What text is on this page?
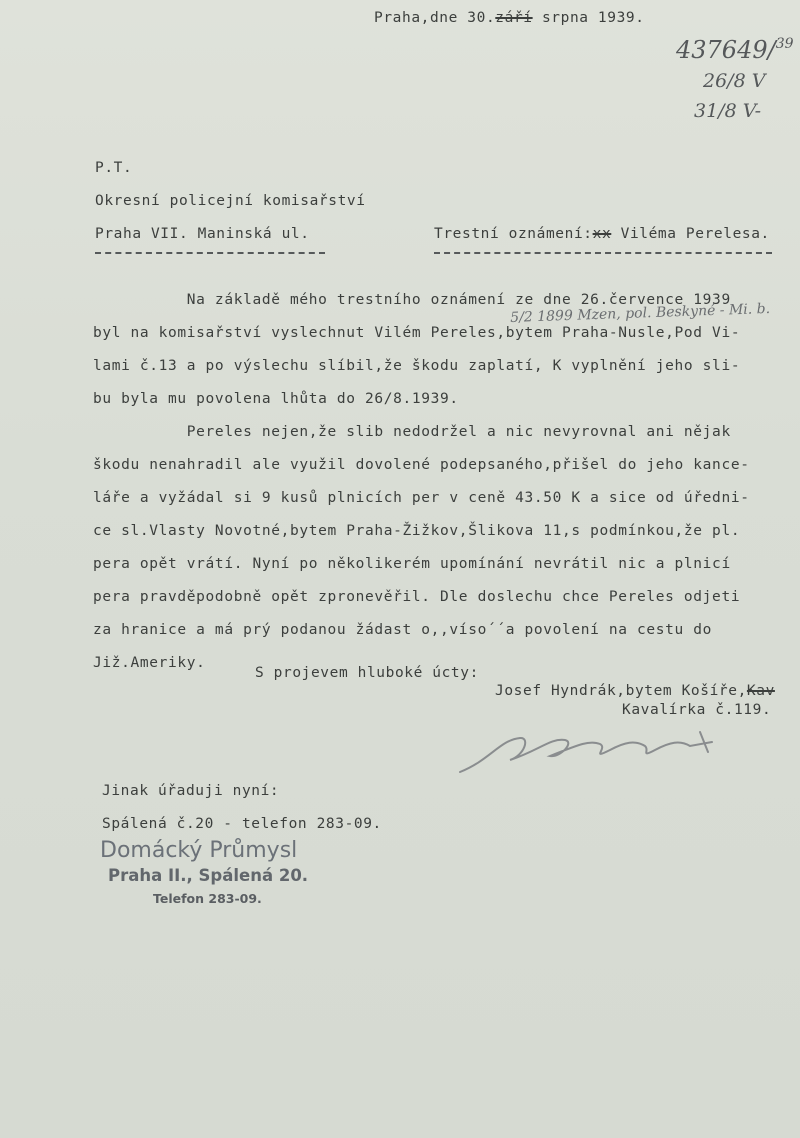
Praha,dne 30.září srpna 1939.
437649/$^{39}$
26/8 V
31/8 V-
P.T.
Okresní policejní komisařství
Praha VII. Maninská ul.	Trestní oznámení:xx Viléma Perelesa.
Na základě mého trestního oznámení ze dne 26.července 1939
byl na komisařství vyslechnut Vilém Pereles,bytem Praha-Nusle,Pod Vi-
lami č.13 a po výslechu slíbil,že škodu zaplatí, K vyplnění jeho sli-
bu byla mu povolena lhůta do 26/8.1939.
Pereles nejen,že slib nedodržel a nic nevyrovnal ani nějak
škodu nenahradil ale využil dovolené podepsaného,přišel do jeho kance-
láře a vyžádal si 9 kusů plnicích per v ceně 43.50 K a sice od úředni-
ce sl.Vlasty Novotné,bytem Praha-Žižkov,Šlikova 11,s podmínkou,že pl.
pera opět vrátí. Nyní po několikerém upomínání nevrátil nic a plnicí
pera pravděpodobně opět zpronevěřil. Dle doslechu chce Pereles odjeti
za hranice a má prý podanou žádast o,,víso´´a povolení na cestu do
Již.Ameriky.
5/2 1899 Mzen, pol. Beskyné - Mi. b.
S projevem hluboké úcty:
Josef Hyndrák,bytem Košíře,Kav
Kavalírka č.119.
Jinak úřaduji nyní:
Spálená č.20 - telefon 283-09.
Domácký Průmysl
Praha II., Spálená 20.
Telefon 283-09.
